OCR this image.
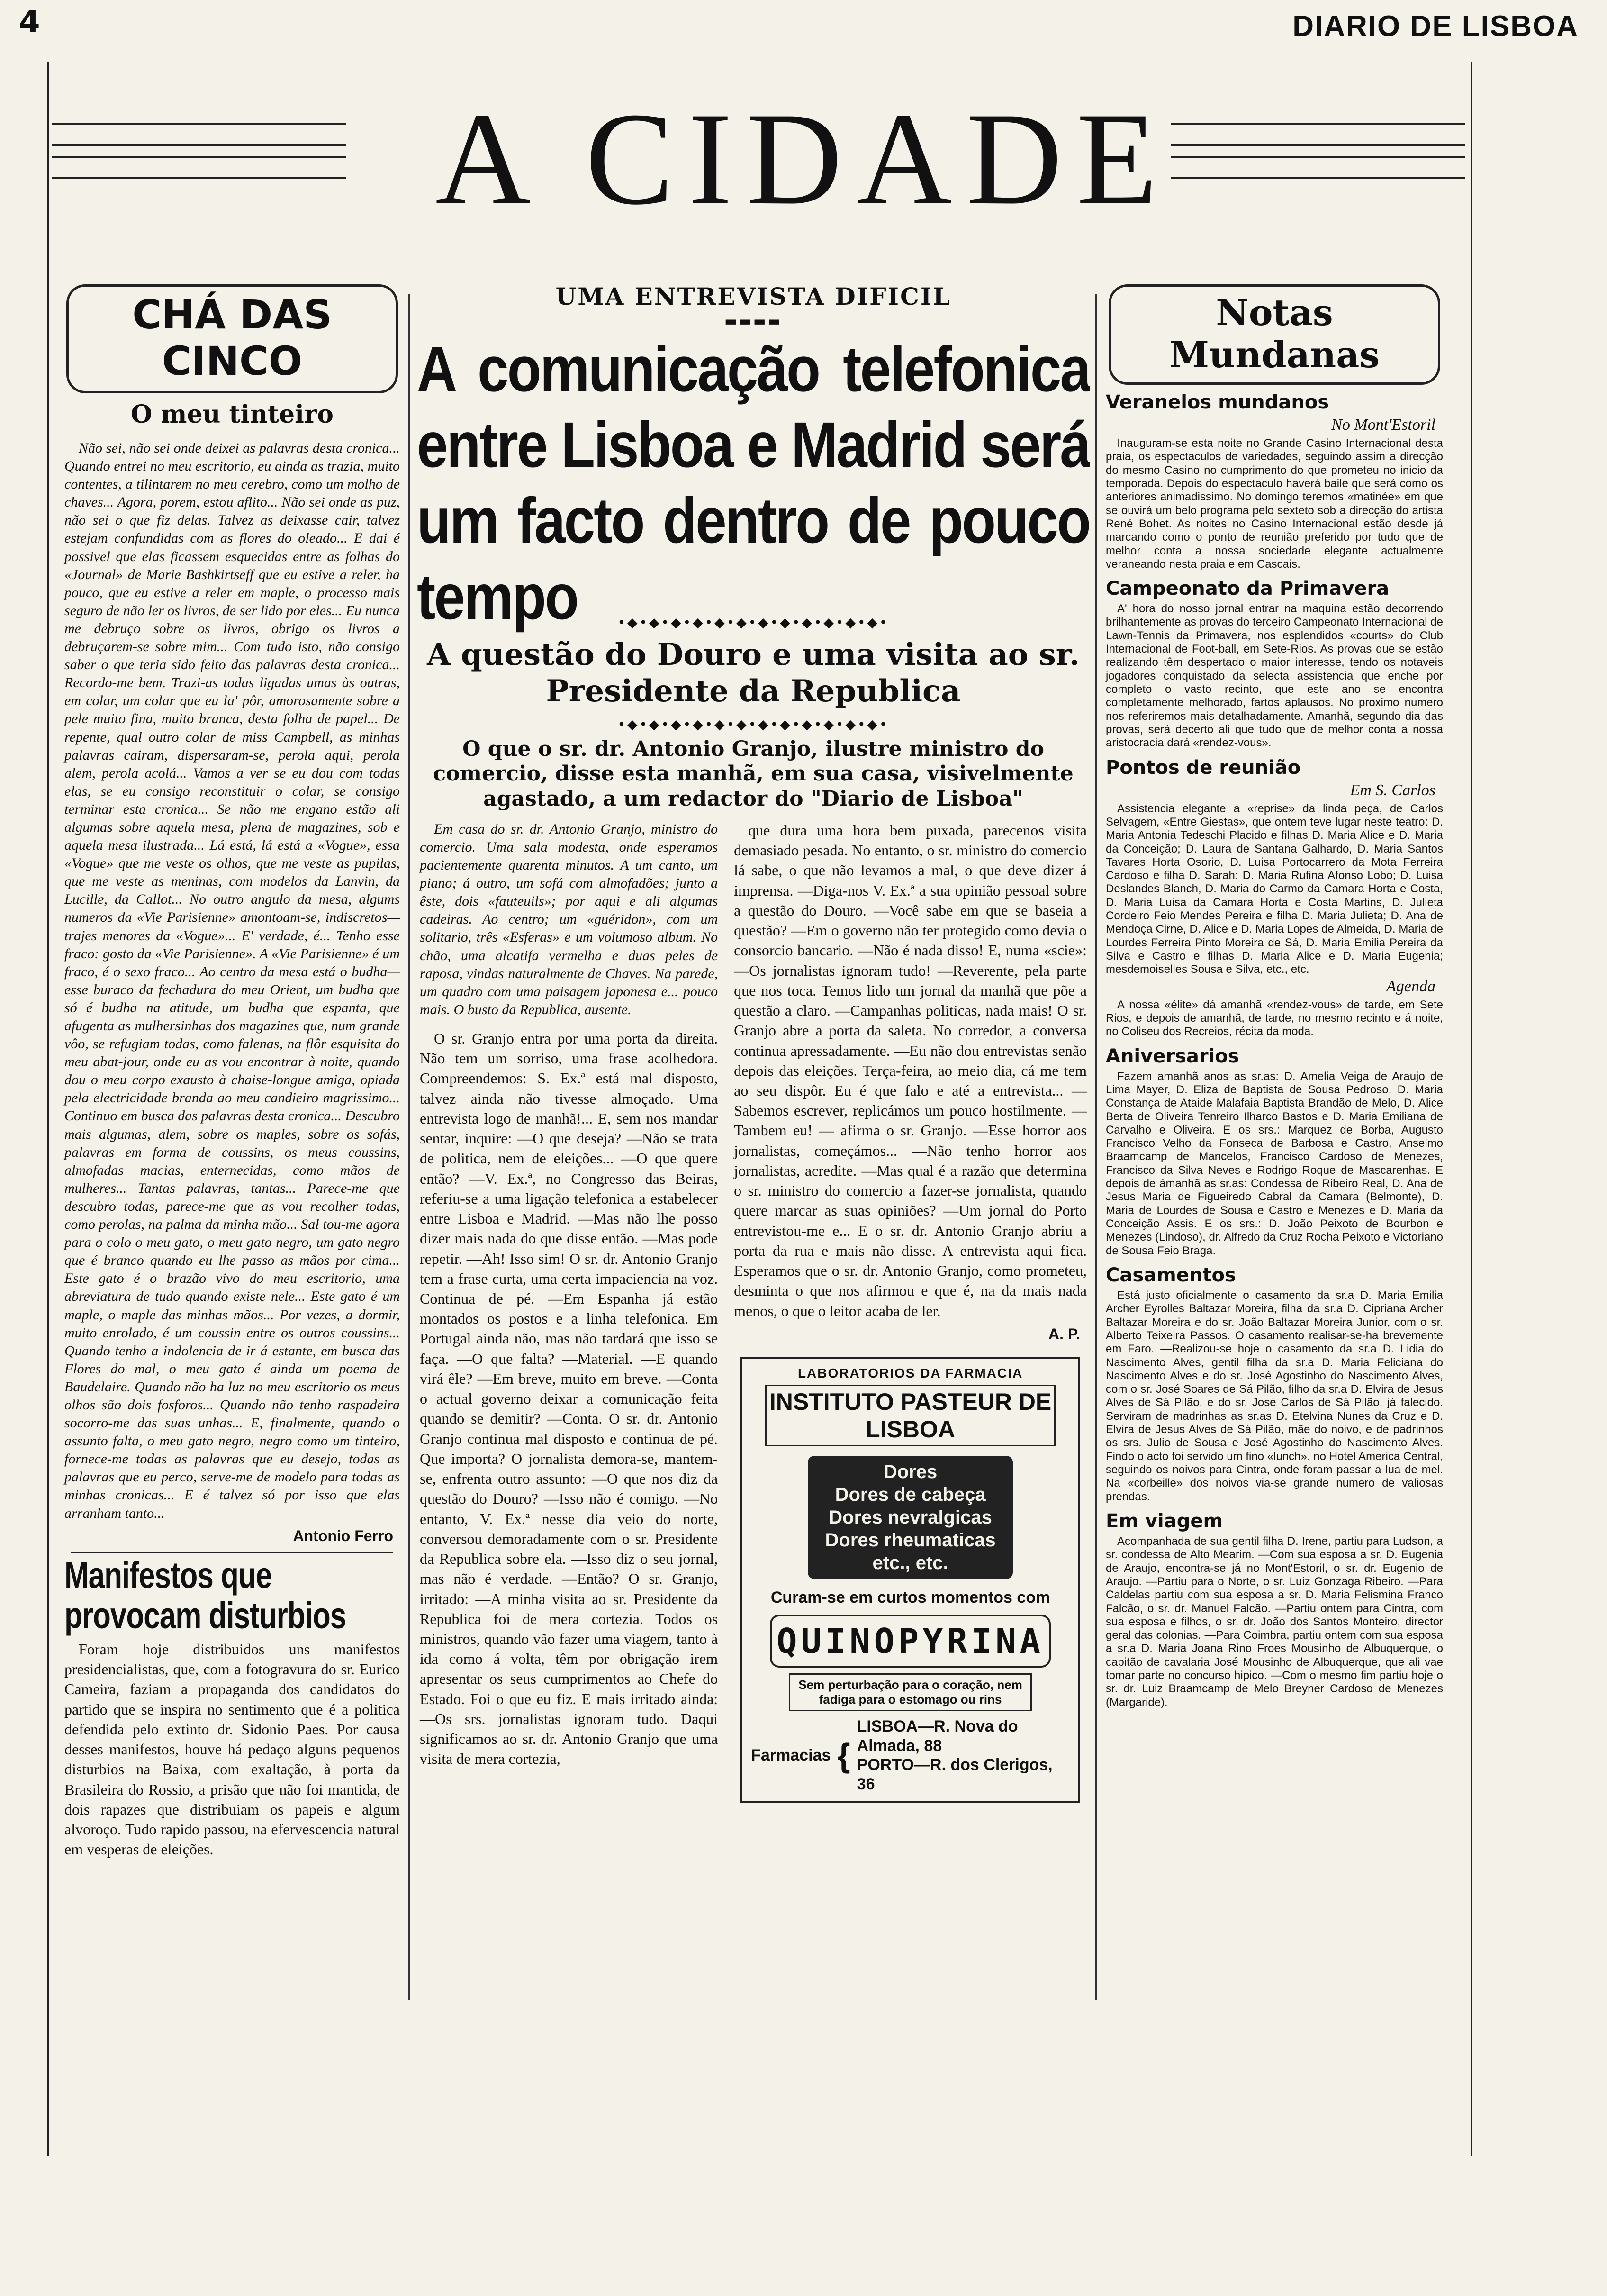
4	DIARIO DE LISBOA
A CIDADE
CHÁ DAS CINCO
O meu tinteiro

Não sei, não sei onde deixei as palavras desta cronica... Quando entrei no meu escritorio, eu ainda as trazia, muito contentes, a tilintarem no meu cerebro, como um molho de chaves... Agora, porem, estou aflito... Não sei onde as puz, não sei o que fiz delas. Talvez as deixasse cair, talvez estejam confundidas com as flores do oleado... E dai é possivel que elas ficassem esquecidas entre as folhas do «Journal» de Marie Bashkirtseff que eu estive a reler, ha pouco, que eu estive a reler em maple, o processo mais seguro de não ler os livros, de ser lido por eles... Eu nunca me debruço sobre os livros, obrigo os livros a debruçarem-se sobre mim... Com tudo isto, não consigo saber o que teria sido feito das palavras desta cronica... Recordo-me bem. Trazi-as todas ligadas umas às outras, em colar, um colar que eu la' pôr, amorosamente sobre a pele muito fina, muito branca, desta folha de papel... De repente, qual outro colar de miss Campbell, as minhas palavras cairam, dispersaram-se, perola aqui, perola alem, perola acolá... Vamos a ver se eu dou com todas elas, se eu consigo reconstituir o colar, se consigo terminar esta cronica... Se não me engano estão ali algumas sobre aquela mesa, plena de magazines, sob e aquela mesa ilustrada... Lá está, lá está a «Vogue», essa «Vogue» que me veste os olhos, que me veste as pupilas, que me veste as meninas, com modelos da Lanvin, da Lucille, da Callot... No outro angulo da mesa, algums numeros da «Vie Parisienne» amontoam-se, indiscretos—trajes menores da «Vogue»... E' verdade, é... Tenho esse fraco: gosto da «Vie Parisienne». A «Vie Parisienne» é um fraco, é o sexo fraco... Ao centro da mesa está o budha—esse buraco da fechadura do meu Orient, um budha que só é budha na atitude, um budha que espanta, que afugenta as mulhersinhas dos magazines que, num grande vôo, se refugiam todas, como falenas, na flôr esquisita do meu abat-jour, onde eu as vou encontrar à noite, quando dou o meu corpo exausto à chaise-longue amiga, opiada pela electricidade branda ao meu candieiro magrissimo... Continuo em busca das palavras desta cronica... Descubro mais algumas, alem, sobre os maples, sobre os sofás, palavras em forma de coussins, os meus coussins, almofadas macias, enternecidas, como mãos de mulheres... Tantas palavras, tantas... Parece-me que descubro todas, parece-me que as vou recolher todas, como perolas, na palma da minha mão... Sal tou-me agora para o colo o meu gato, o meu gato negro, um gato negro que é branco quando eu lhe passo as mãos por cima... Este gato é o brazão vivo do meu escritorio, uma abreviatura de tudo quando existe nele... Este gato é um maple, o maple das minhas mãos... Por vezes, a dormir, muito enrolado, é um coussin entre os outros coussins... Quando tenho a indolencia de ir á estante, em busca das Flores do mal, o meu gato é ainda um poema de Baudelaire. Quando não ha luz no meu escritorio os meus olhos são dois fosforos... Quando não tenho raspadeira socorro-me das suas unhas... E, finalmente, quando o assunto falta, o meu gato negro, negro como um tinteiro, fornece-me todas as palavras que eu desejo, todas as palavras que eu perco, serve-me de modelo para todas as minhas cronicas... E é talvez só por isso que elas arranham tanto...

Antonio Ferro
Manifestos que provocam disturbios

Foram hoje distribuidos uns manifestos presidencialistas, que, com a fotogravura do sr. Eurico Cameira, faziam a propaganda dos candidatos do partido que se inspira no sentimento que é a politica defendida pelo extinto dr. Sidonio Paes. Por causa desses manifestos, houve há pedaço alguns pequenos disturbios na Baixa, com exaltação, à porta da Brasileira do Rossio, a prisão que não foi mantida, de dois rapazes que distribuiam os papeis e algum alvoroço. Tudo rapido passou, na efervescencia natural em vesperas de eleições.

UMA ENTREVISTA DIFICIL
▬▬▬▬
A comunicação telefonica entre Lisboa e Madrid será um facto dentro de pouco tempo	•◆•◆•◆•◆•◆•◆•◆•◆•◆•◆•◆•◆•
A questão do Douro e uma visita ao sr. Presidente da Republica
•◆•◆•◆•◆•◆•◆•◆•◆•◆•◆•◆•◆•
O que o sr. dr. Antonio Granjo, ilustre ministro do comercio, disse esta manhã, em sua casa, visivelmente agastado, a um redactor do "Diario de Lisboa"

Em casa do sr. dr. Antonio Granjo, ministro do comercio. Uma sala modesta, onde esperamos pacientemente quarenta minutos. A um canto, um piano; á outro, um sofá com almofadões; junto a êste, dois «fauteuils»; por aqui e ali algumas cadeiras. Ao centro; um «guéridon», com um solitario, três «Esferas» e um volumoso album. No chão, uma alcatifa vermelha e duas peles de raposa, vindas naturalmente de Chaves. Na parede, um quadro com uma paisagem japonesa e... pouco mais. O busto da Republica, ausente.

O sr. Granjo entra por uma porta da direita. Não tem um sorriso, uma frase acolhedora. Compreendemos: S. Ex.ª está mal disposto, talvez ainda não tivesse almoçado. Uma entrevista logo de manhã!... E, sem nos mandar sentar, inquire: —O que deseja? —Não se trata de politica, nem de eleições... —O que quere então? —V. Ex.ª, no Congresso das Beiras, referiu-se a uma ligação telefonica a estabelecer entre Lisboa e Madrid. —Mas não lhe posso dizer mais nada do que disse então. —Mas pode repetir. —Ah! Isso sim! O sr. dr. Antonio Granjo tem a frase curta, uma certa impaciencia na voz. Continua de pé. —Em Espanha já estão montados os postos e a linha telefonica. Em Portugal ainda não, mas não tardará que isso se faça. —O que falta? —Material. —E quando virá êle? —Em breve, muito em breve. —Conta o actual governo deixar a comunicação feita quando se demitir? —Conta. O sr. dr. Antonio Granjo continua mal disposto e continua de pé. Que importa? O jornalista demora-se, mantem-se, enfrenta outro assunto: —O que nos diz da questão do Douro? —Isso não é comigo. —No entanto, V. Ex.ª nesse dia veio do norte, conversou demoradamente com o sr. Presidente da Republica sobre ela. —Isso diz o seu jornal, mas não é verdade. —Então? O sr. Granjo, irritado: —A minha visita ao sr. Presidente da Republica foi de mera cortezia. Todos os ministros, quando vão fazer uma viagem, tanto à ida como á volta, têm por obrigação irem apresentar os seus cumprimentos ao Chefe do Estado. Foi o que eu fiz. E mais irritado ainda: —Os srs. jornalistas ignoram tudo. Daqui significamos ao sr. dr. Antonio Granjo que uma visita de mera cortezia,

que dura uma hora bem puxada, parecenos visita demasiado pesada. No entanto, o sr. ministro do comercio lá sabe, o que não levamos a mal, o que deve dizer á imprensa. —Diga-nos V. Ex.ª a sua opinião pessoal sobre a questão do Douro. —Você sabe em que se baseia a questão? —Em o governo não ter protegido como devia o consorcio bancario. —Não é nada disso! E, numa «scie»: —Os jornalistas ignoram tudo! —Reverente, pela parte que nos toca. Temos lido um jornal da manhã que põe a questão a claro. —Campanhas politicas, nada mais! O sr. Granjo abre a porta da saleta. No corredor, a conversa continua apressadamente. —Eu não dou entrevistas senão depois das eleições. Terça-feira, ao meio dia, cá me tem ao seu dispôr. Eu é que falo e até a entrevista... —Sabemos escrever, replicámos um pouco hostilmente. —Tambem eu! — afirma o sr. Granjo. —Esse horror aos jornalistas, começámos... —Não tenho horror aos jornalistas, acredite. —Mas qual é a razão que determina o sr. ministro do comercio a fazer-se jornalista, quando quere marcar as suas opiniões? —Um jornal do Porto entrevistou-me e... E o sr. dr. Antonio Granjo abriu a porta da rua e mais não disse. A entrevista aqui fica. Esperamos que o sr. dr. Antonio Granjo, como prometeu, desminta o que nos afirmou e que é, na da mais nada menos, o que o leitor acaba de ler.

A. P.
LABORATORIOS DA FARMACIA
INSTITUTO PASTEUR DE LISBOA
Dores
Dores de cabeça
Dores nevralgicas
Dores rheumaticas
etc., etc.
Curam-se em curtos momentos com
QUINOPYRINA
Sem perturbação para o coração, nem fadiga para o estomago ou rins
Farmacias {
LISBOA—R. Nova do Almada, 88
PORTO—R. dos Clerigos, 36
Notas Mundanas
Veranelos mundanos
No Mont'Estoril

Inauguram-se esta noite no Grande Casino Internacional desta praia, os espectaculos de variedades, seguindo assim a direcção do mesmo Casino no cumprimento do que prometeu no inicio da temporada. Depois do espectaculo haverá baile que será como os anteriores animadissimo. No domingo teremos «matinée» em que se ouvirá um belo programa pelo sexteto sob a direcção do artista René Bohet. As noites no Casino Internacional estão desde já marcando como o ponto de reunião preferido por tudo que de melhor conta a nossa sociedade elegante actualmente veraneando nesta praia e em Cascais.

Campeonato da Primavera

A' hora do nosso jornal entrar na maquina estão decorrendo brilhantemente as provas do terceiro Campeonato Internacional de Lawn-Tennis da Primavera, nos esplendidos «courts» do Club Internacional de Foot-ball, em Sete-Rios. As provas que se estão realizando têm despertado o maior interesse, tendo os notaveis jogadores conquistado da selecta assistencia que enche por completo o vasto recinto, que este ano se encontra completamente melhorado, fartos aplausos. No proximo numero nos referiremos mais detalhadamente. Amanhã, segundo dia das provas, será decerto ali que tudo que de melhor conta a nossa aristocracia dará «rendez-vous».

Pontos de reunião
Em S. Carlos

Assistencia elegante a «reprise» da linda peça, de Carlos Selvagem, «Entre Giestas», que ontem teve lugar neste teatro: D. Maria Antonia Tedeschi Placido e filhas D. Maria Alice e D. Maria da Conceição; D. Laura de Santana Galhardo, D. Maria Santos Tavares Horta Osorio, D. Luisa Portocarrero da Mota Ferreira Cardoso e filha D. Sarah; D. Maria Rufina Afonso Lobo; D. Luisa Deslandes Blanch, D. Maria do Carmo da Camara Horta e Costa, D. Maria Luisa da Camara Horta e Costa Martins, D. Julieta Cordeiro Feio Mendes Pereira e filha D. Maria Julieta; D. Ana de Mendoça Cirne, D. Alice e D. Maria Lopes de Almeida, D. Maria de Lourdes Ferreira Pinto Moreira de Sá, D. Maria Emilia Pereira da Silva e Castro e filhas D. Maria Alice e D. Maria Eugenia; mesdemoiselles Sousa e Silva, etc., etc.

Agenda

A nossa «élite» dá amanhã «rendez-vous» de tarde, em Sete Rios, e depois de amanhã, de tarde, no mesmo recinto e á noite, no Coliseu dos Recreios, récita da moda.

Aniversarios

Fazem amanhã anos as sr.as: D. Amelia Veiga de Araujo de Lima Mayer, D. Eliza de Baptista de Sousa Pedroso, D. Maria Constança de Ataide Malafaia Baptista Brandão de Melo, D. Alice Berta de Oliveira Tenreiro Ilharco Bastos e D. Maria Emiliana de Carvalho e Oliveira. E os srs.: Marquez de Borba, Augusto Francisco Velho da Fonseca de Barbosa e Castro, Anselmo Braamcamp de Mancelos, Francisco Cardoso de Menezes, Francisco da Silva Neves e Rodrigo Roque de Mascarenhas. E depois de ámanhã as sr.as: Condessa de Ribeiro Real, D. Ana de Jesus Maria de Figueiredo Cabral da Camara (Belmonte), D. Maria de Lourdes de Sousa e Castro e Menezes e D. Maria da Conceição Assis. E os srs.: D. João Peixoto de Bourbon e Menezes (Lindoso), dr. Alfredo da Cruz Rocha Peixoto e Victoriano de Sousa Feio Braga.

Casamentos

Está justo oficialmente o casamento da sr.a D. Maria Emilia Archer Eyrolles Baltazar Moreira, filha da sr.a D. Cipriana Archer Baltazar Moreira e do sr. João Baltazar Moreira Junior, com o sr. Alberto Teixeira Passos. O casamento realisar-se-ha brevemente em Faro. —Realizou-se hoje o casamento da sr.a D. Lidia do Nascimento Alves, gentil filha da sr.a D. Maria Feliciana do Nascimento Alves e do sr. José Agostinho do Nascimento Alves, com o sr. José Soares de Sá Pilão, filho da sr.a D. Elvira de Jesus Alves de Sá Pilão, e do sr. José Carlos de Sá Pilão, já falecido. Serviram de madrinhas as sr.as D. Etelvina Nunes da Cruz e D. Elvira de Jesus Alves de Sá Pilão, mãe do noivo, e de padrinhos os srs. Julio de Sousa e José Agostinho do Nascimento Alves. Findo o acto foi servido um fino «lunch», no Hotel America Central, seguindo os noivos para Cintra, onde foram passar a lua de mel. Na «corbeille» dos noivos via-se grande numero de valiosas prendas.

Em viagem

Acompanhada de sua gentil filha D. Irene, partiu para Ludson, a sr. condessa de Alto Mearim. —Com sua esposa a sr. D. Eugenia de Araujo, encontra-se já no Mont'Estoril, o sr. dr. Eugenio de Araujo. —Partiu para o Norte, o sr. Luiz Gonzaga Ribeiro. —Para Caldelas partiu com sua esposa a sr. D. Maria Felismina Franco Falcão, o sr. dr. Manuel Falcão. —Partiu ontem para Cintra, com sua esposa e filhos, o sr. dr. João dos Santos Monteiro, director geral das colonias. —Para Coimbra, partiu ontem com sua esposa a sr.a D. Maria Joana Rino Froes Mousinho de Albuquerque, o capitão de cavalaria José Mousinho de Albuquerque, que ali vae tomar parte no concurso hipico. —Com o mesmo fim partiu hoje o sr. dr. Luiz Braamcamp de Melo Breyner Cardoso de Menezes (Margaride).
